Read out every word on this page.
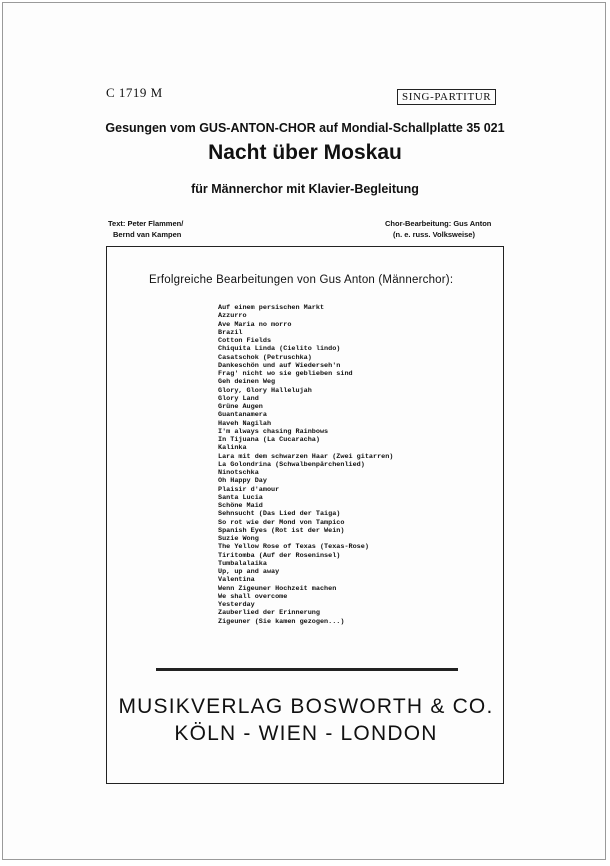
C 1719 M	SING-PARTITUR
Gesungen vom GUS-ANTON-CHOR auf Mondial-Schallplatte 35 021
Nacht über Moskau
für Männerchor mit Klavier-Begleitung
Text: Peter Flammen/
Bernd van Kampen
Chor-Bearbeitung: Gus Anton
(n. e. russ. Volksweise)
Erfolgreiche Bearbeitungen von Gus Anton (Männerchor):
Auf einem persischen Markt
Azzurro
Ave Maria no morro
Brazil
Cotton Fields
Chiquita Linda (Cielito lindo)
Casatschok (Petruschka)
Dankeschön und auf Wiederseh'n
Frag' nicht wo sie geblieben sind
Geh deinen Weg
Glory, Glory Hallelujah
Glory Land
Grüne Augen
Guantanamera
Haveh Nagilah
I'm always chasing Rainbows
In Tijuana (La Cucaracha)
Kalinka
Lara mit dem schwarzen Haar (Zwei gitarren)
La Golondrina (Schwalbenpärchenlied)
Ninotschka
Oh Happy Day
Plaisir d'amour
Santa Lucia
Schöne Maid
Sehnsucht (Das Lied der Taiga)
So rot wie der Mond von Tampico
Spanish Eyes (Rot ist der Wein)
Suzie Wong
The Yellow Rose of Texas (Texas-Rose)
Tiritomba (Auf der Roseninsel)
Tumbalalaika
Up, up and away
Valentina
Wenn Zigeuner Hochzeit machen
We shall overcome
Yesterday
Zauberlied der Erinnerung
Zigeuner (Sie kamen gezogen...)
MUSIKVERLAG BOSWORTH & CO.
KÖLN - WIEN - LONDON
